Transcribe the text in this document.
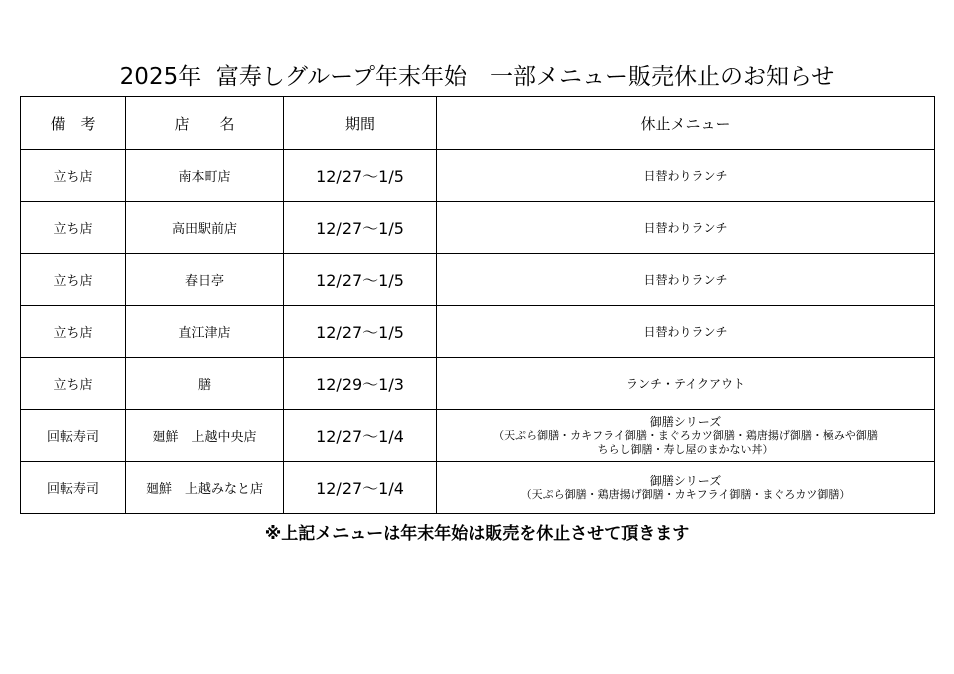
2025年  富寿しグループ年末年始　一部メニュー販売休止のお知らせ
備　考	店　　名	期間	休止メニュー
立ち店	南本町店	12/27～1/5	日替わりランチ

立ち店	高田駅前店	12/27～1/5	日替わりランチ

立ち店	春日亭	12/27～1/5	日替わりランチ

立ち店	直江津店	12/27～1/5	日替わりランチ

立ち店	膳	12/29～1/3	ランチ・テイクアウト

回転寿司	廻鮮　上越中央店	12/27～1/4	御膳シリーズ
（天ぷら御膳・カキフライ御膳・まぐろカツ御膳・鶏唐揚げ御膳・極みや御膳
ちらし御膳・寿し屋のまかない丼）

回転寿司	廻鮮　上越みなと店	12/27～1/4	御膳シリーズ
（天ぷら御膳・鶏唐揚げ御膳・カキフライ御膳・まぐろカツ御膳）
※上記メニューは年末年始は販売を休止させて頂きます
